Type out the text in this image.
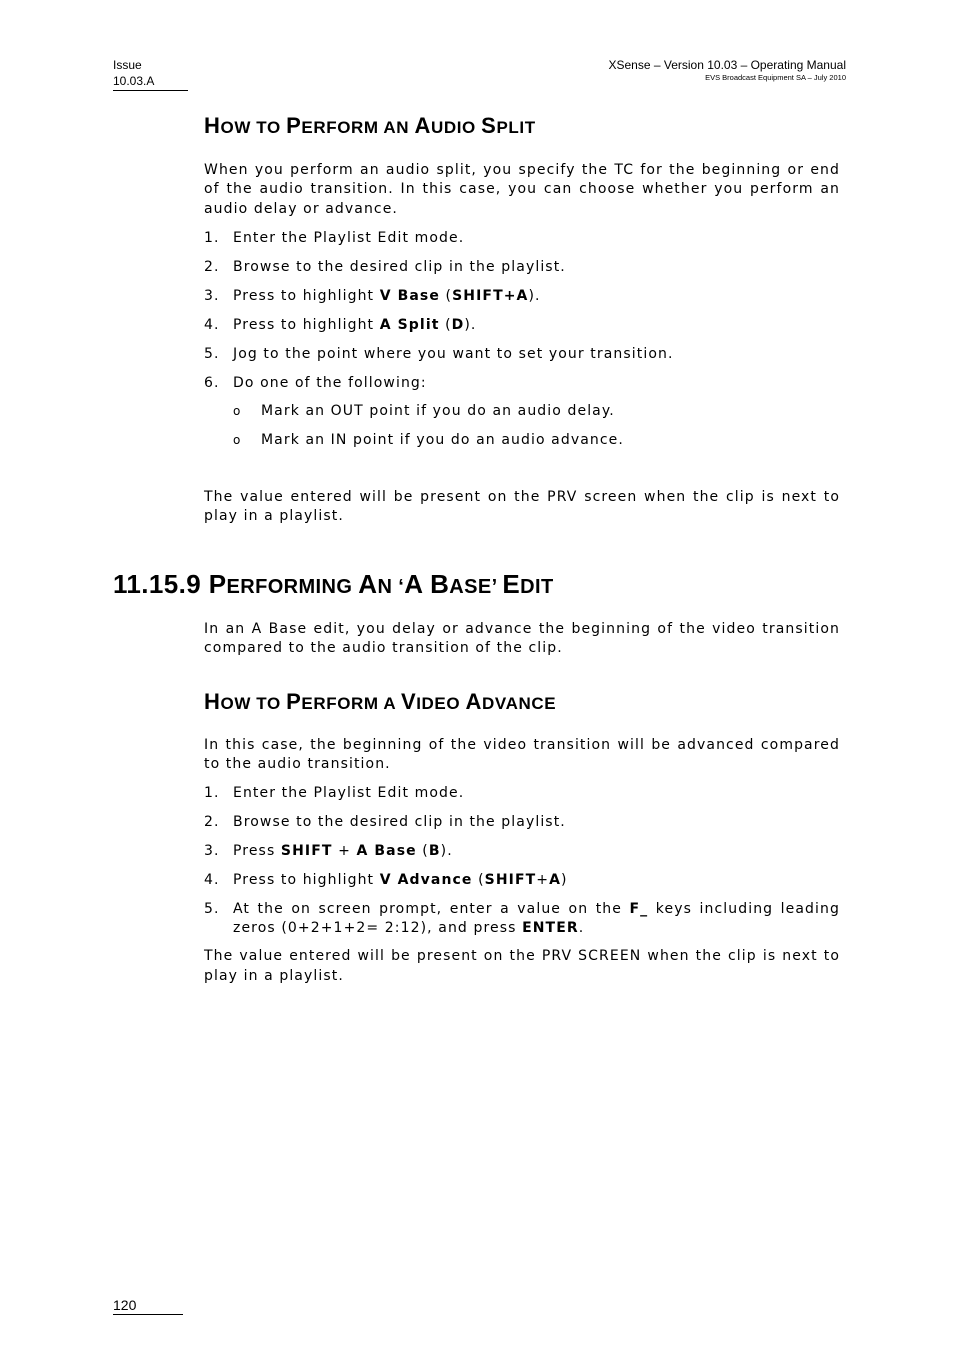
Issue
10.03.A
XSense – Version 10.03 – Operating Manual
EVS Broadcast Equipment SA – July 2010
HOW TO PERFORM AN AUDIO SPLIT

When you perform an audio split, you specify the TC for the beginning or end of the audio transition. In this case, you can choose whether you perform an audio delay or advance.

1. Enter the Playlist Edit mode.
2. Browse to the desired clip in the playlist.
3. Press to highlight V Base (SHIFT+A).
4. Press to highlight A Split (D).
5. Jog to the point where you want to set your transition.
6. Do one of the following:
o	Mark an OUT point if you do an audio delay.
o	Mark an IN point if you do an audio advance.

The value entered will be present on the PRV screen when the clip is next to play in a playlist.

11.15.9 PERFORMING AN ‘A BASE’ EDIT

In an A Base edit, you delay or advance the beginning of the video transition compared to the audio transition of the clip.

HOW TO PERFORM A VIDEO ADVANCE

In this case, the beginning of the video transition will be advanced compared to the audio transition.

1. Enter the Playlist Edit mode.
2. Browse to the desired clip in the playlist.
3. Press SHIFT + A Base (B).
4. Press to highlight V Advance (SHIFT+A)
5. At the on screen prompt, enter a value on the F_ keys including leading zeros (0+2+1+2= 2:12), and press ENTER.

The value entered will be present on the PRV SCREEN when the clip is next to play in a playlist.

120
